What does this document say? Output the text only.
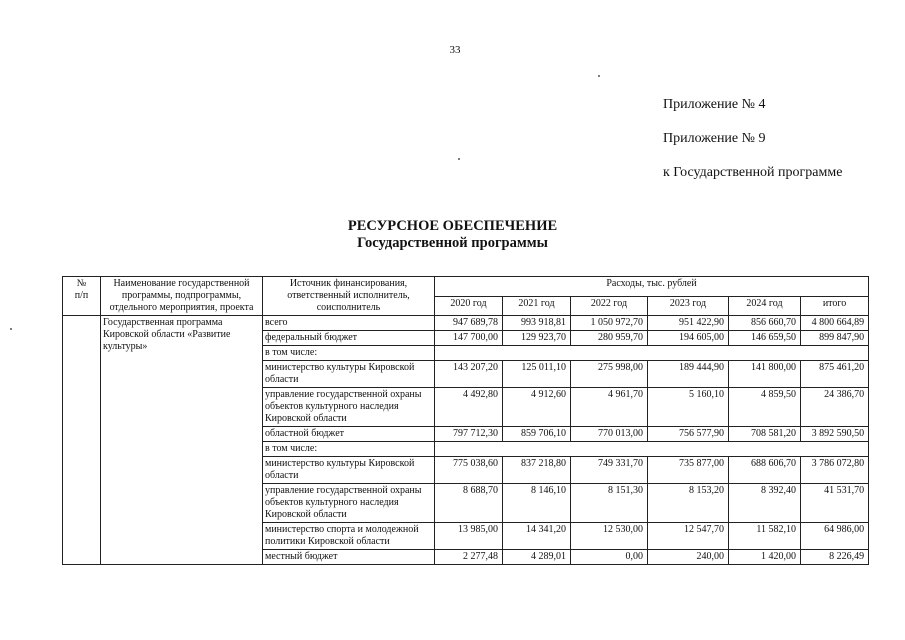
33
Приложение № 4
Приложение № 9
к Государственной программе
РЕСУРСНОЕ ОБЕСПЕЧЕНИЕ
Государственной программы
№
п/п	Наименование государственной программы, подпрограммы, отдельного мероприятия, проекта	Источник финансирования, ответственный исполнитель, соисполнитель	Расходы, тыс. рублей					
			2020 год	2021 год	2022 год	2023 год	2024 год	итого
	Государственная программа Кировской области «Развитие культуры»	всего	947 689,78	993 918,81	1 050 972,70	951 422,90	856 660,70	4 800 664,89
		федеральный бюджет	147 700,00	129 923,70	280 959,70	194 605,00	146 659,50	899 847,90
		в том числе:						
		министерство культуры Кировской области	143 207,20	125 011,10	275 998,00	189 444,90	141 800,00	875 461,20
		управление государственной охраны объектов культурного наследия Кировской области	4 492,80	4 912,60	4 961,70	5 160,10	4 859,50	24 386,70
		областной бюджет	797 712,30	859 706,10	770 013,00	756 577,90	708 581,20	3 892 590,50
		в том числе:						
		министерство культуры Кировской области	775 038,60	837 218,80	749 331,70	735 877,00	688 606,70	3 786 072,80
		управление государственной охраны объектов культурного наследия Кировской области	8 688,70	8 146,10	8 151,30	8 153,20	8 392,40	41 531,70
		министерство спорта и молодежной политики Кировской области	13 985,00	14 341,20	12 530,00	12 547,70	11 582,10	64 986,00
		местный бюджет	2 277,48	4 289,01	0,00	240,00	1 420,00	8 226,49
